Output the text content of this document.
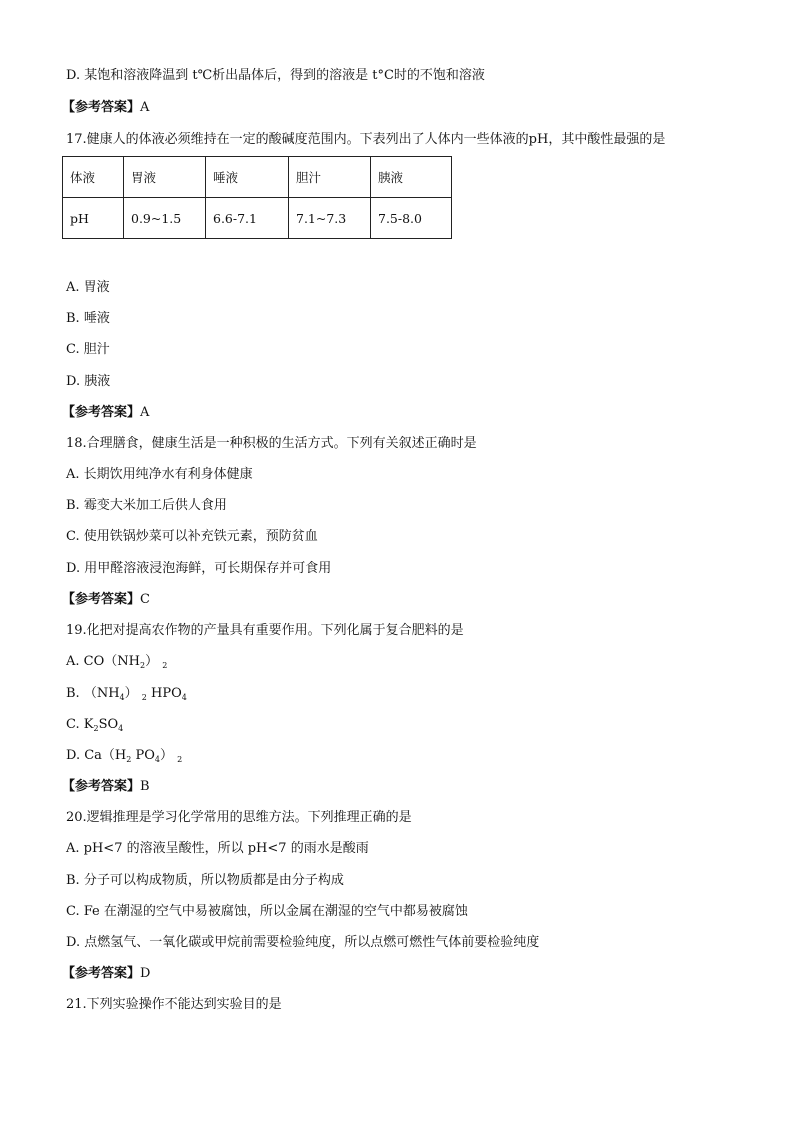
D. 某饱和溶液降温到 t℃析出晶体后，得到的溶液是 t°C时的不饱和溶液
【参考答案】A
17.健康人的体液必须维持在一定的酸碱度范围内。下表列出了人体内一些体液的pH，其中酸性最强的是
体液	胃液	唾液	胆汁	胰液
pH	0.9~1.5	6.6-7.1	7.1~7.3	7.5-8.0
A. 胃液
B. 唾液
C. 胆汁
D. 胰液
【参考答案】A
18.合理膳食，健康生活是一种积极的生活方式。下列有关叙述正确时是
A. 长期饮用纯净水有利身体健康
B. 霉变大米加工后供人食用
C. 使用铁锅炒菜可以补充铁元素，预防贫血
D. 用甲醛溶液浸泡海鲜，可长期保存并可食用
【参考答案】C
19.化把对提高农作物的产量具有重要作用。下列化属于复合肥料的是
A. $CO(NH_2)$ $_2$
B. $(NH_4)$ $_2$ $HPO_4$
C. $K_2SO_4$
D. $Ca(H_2$ $PO_4$） $_2$
【参考答案】B
20.逻辑推理是学习化学常用的思维方法。下列推理正确的是
A. pH<7 的溶液呈酸性，所以 pH<7 的雨水是酸雨
B. 分子可以构成物质，所以物质都是由分子构成
C. Fe 在潮湿的空气中易被腐蚀，所以金属在潮湿的空气中都易被腐蚀
D. 点燃氢气、一氧化碳或甲烷前需要检验纯度，所以点燃可燃性气体前要检验纯度
【参考答案】D
21.下列实验操作不能达到实验目的是
